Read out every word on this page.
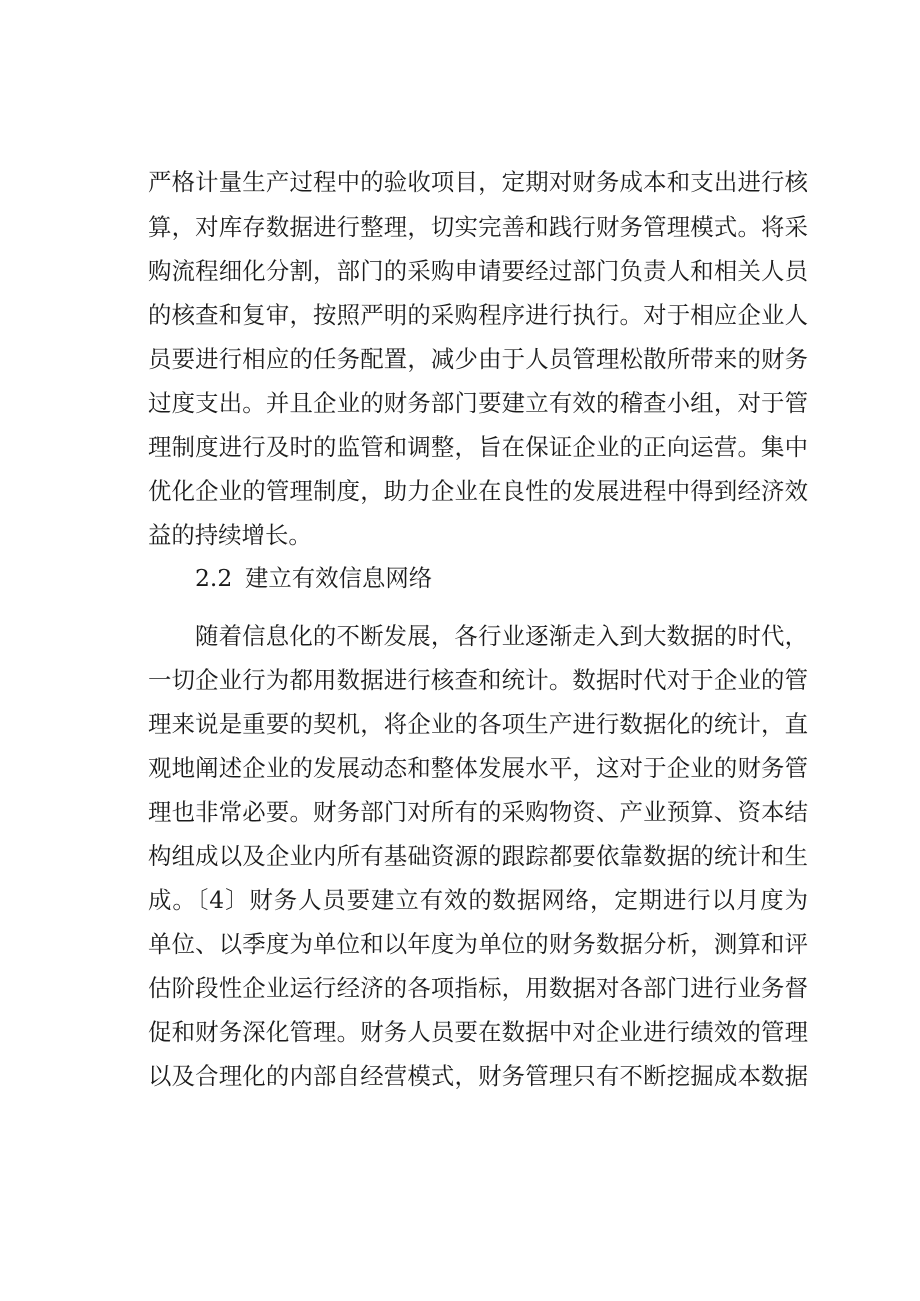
严格计量生产过程中的验收项目，定期对财务成本和支出进行核
算，对库存数据进行整理，切实完善和践行财务管理模式。将采
购流程细化分割，部门的采购申请要经过部门负责人和相关人员
的核查和复审，按照严明的采购程序进行执行。对于相应企业人
员要进行相应的任务配置，减少由于人员管理松散所带来的财务
过度支出。并且企业的财务部门要建立有效的稽查小组，对于管
理制度进行及时的监管和调整，旨在保证企业的正向运营。集中
优化企业的管理制度，助力企业在良性的发展进程中得到经济效
益的持续增长。
2.2 建立有效信息网络
随着信息化的不断发展，各行业逐渐走入到大数据的时代，
一切企业行为都用数据进行核查和统计。数据时代对于企业的管
理来说是重要的契机，将企业的各项生产进行数据化的统计，直
观地阐述企业的发展动态和整体发展水平，这对于企业的财务管
理也非常必要。财务部门对所有的采购物资、产业预算、资本结
构组成以及企业内所有基础资源的跟踪都要依靠数据的统计和生
成。〔4〕财务人员要建立有效的数据网络，定期进行以月度为
单位、以季度为单位和以年度为单位的财务数据分析，测算和评
估阶段性企业运行经济的各项指标，用数据对各部门进行业务督
促和财务深化管理。财务人员要在数据中对企业进行绩效的管理
以及合理化的内部自经营模式，财务管理只有不断挖掘成本数据
